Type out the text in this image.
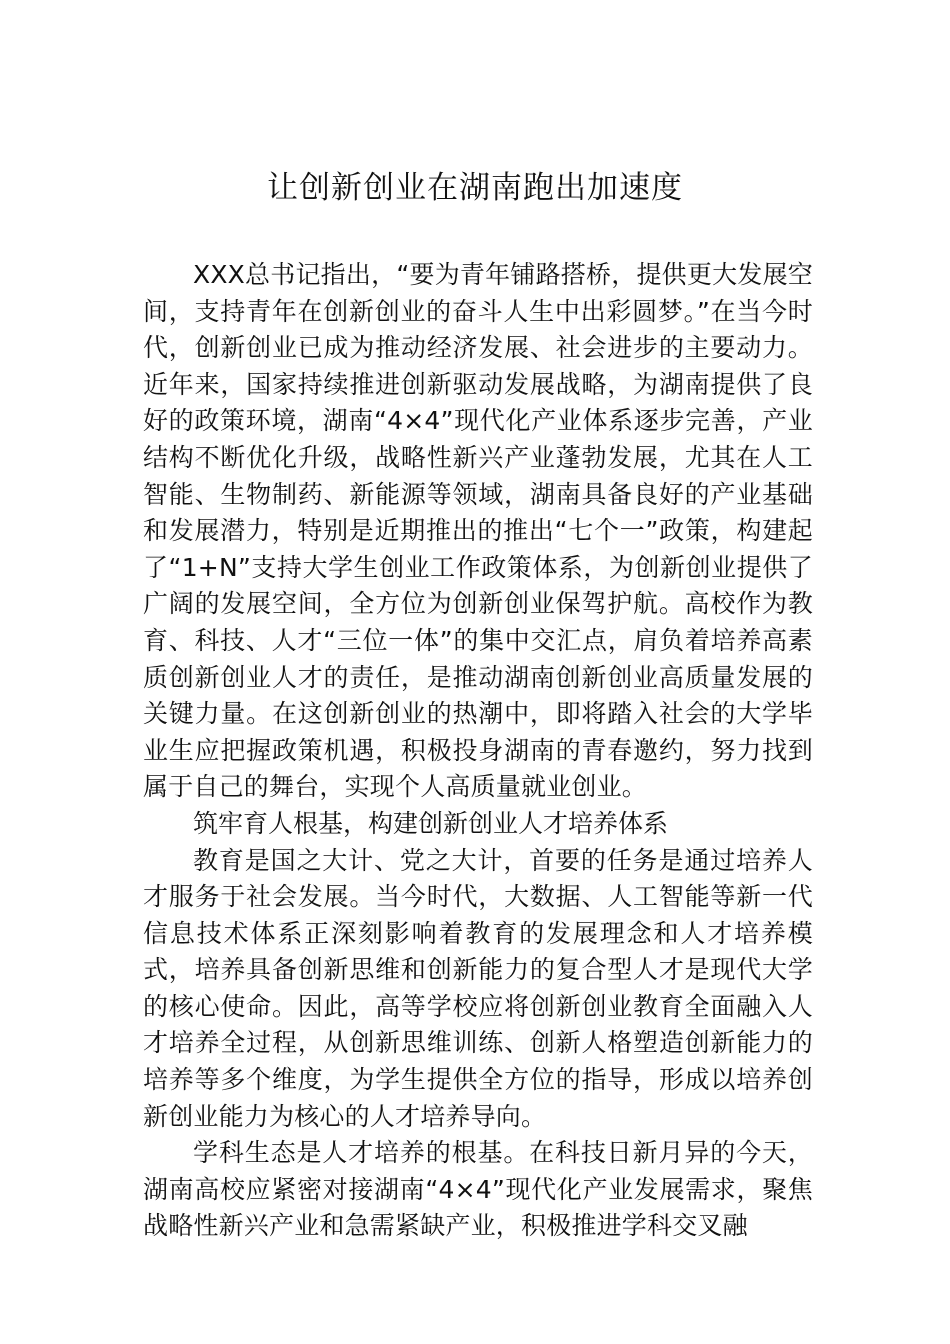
让创新创业在湖南跑出加速度

XXX总书记指出，“要为青年铺路搭桥，提供更大发展空间，支持青年在创新创业的奋斗人生中出彩圆梦。”在当今时代，创新创业已成为推动经济发展、社会进步的主要动力。近年来，国家持续推进创新驱动发展战略，为湖南提供了良好的政策环境，湖南“4×4”现代化产业体系逐步完善，产业结构不断优化升级，战略性新兴产业蓬勃发展，尤其在人工智能、生物制药、新能源等领域，湖南具备良好的产业基础和发展潜力，特别是近期推出的推出“七个一”政策，构建起了“1+N”支持大学生创业工作政策体系，为创新创业提供了广阔的发展空间，全方位为创新创业保驾护航。高校作为教育、科技、人才“三位一体”的集中交汇点，肩负着培养高素质创新创业人才的责任，是推动湖南创新创业高质量发展的关键力量。在这创新创业的热潮中，即将踏入社会的大学毕业生应把握政策机遇，积极投身湖南的青春邀约，努力找到属于自己的舞台，实现个人高质量就业创业。

筑牢育人根基，构建创新创业人才培养体系

教育是国之大计、党之大计，首要的任务是通过培养人才服务于社会发展。当今时代，大数据、人工智能等新一代信息技术体系正深刻影响着教育的发展理念和人才培养模式，培养具备创新思维和创新能力的复合型人才是现代大学的核心使命。因此，高等学校应将创新创业教育全面融入人才培养全过程，从创新思维训练、创新人格塑造创新能力的培养等多个维度，为学生提供全方位的指导，形成以培养创新创业能力为核心的人才培养导向。

学科生态是人才培养的根基。在科技日新月异的今天，湖南高校应紧密对接湖南“4×4”现代化产业发展需求，聚焦战略性新兴产业和急需紧缺产业，积极推进学科交叉融
